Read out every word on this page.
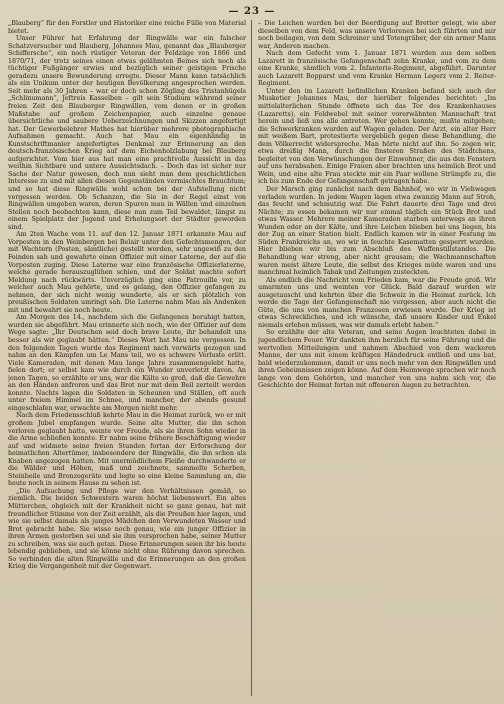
— 23 —

„Blauberg“ für den Forstler und Historiker eine reiche Fülle von Material bietet.

Unser Führer hat Erfahrung der Ringwälle war ein falscher Schatzversucher und Blauberg, Johannes Mau, genannt das „Blauberger Schiffersche“, ein noch rüstiger Veteran der Feldzüge von 1866 und 1870/71, der trotz seines einen etwas gelähmten Beines sich noch als tüchtiger Fußgänger erwies und bezüglich seiner geistigen Frische geradezu unsere Bewunderung erregte. Dieser Mann kann tatsächlich als ein Unikum unter der heutigen Bevölkerung angesprochen werden. Seit mehr als 30 Jahren – war er doch schon Zögling des Tristanhügels „Schlinumann“, Jeftreis Kasselben – gilt sein Studium während seiner freien Zeit den Blauberger Ringwällen, vom denen er in großen Maßstabe auf großem Zeichenpapier, auch einzelne genaue übersichtliche und saubere Ueberzeichnungen und Skizzen angefertigt hat. Der Gewerbelehrer Mathes hat hierüber mehrere photographische Aufnahmen gemacht. Auch hat Mau ein eigenhändig in Kunstschriftmanier angefertigtes Denkmal zur Erinnerung an den deutsch-französischen Krieg auf dem Eichenholzlabung bei Blauberg aufgerichtet. Vom hier aus hat man eine prachtvolle Aussicht in das weithin Sichtbare und untere Aussichtsdach. – Doch das ist sicher nur Sache der Natur gewesen, doch nun sieht man dem geschichtlichen Interesse zu und mit allen diesen Gegenständen vermischtes Brauchtum; und so hat diese Ringwälle wohl schon bei der Aufstellung nicht vergessen werden. Ob Schanzen, die Sie in der Regel einst von Ringwällen umgeben waren, deren Spuren man in Wällen und einzelnen Stellen noch beobachten kann, diese nun zum Teil bewaldet, längst zu einem Spielplatz der Jugend und Erholungsort der Städter geworden sind.

Am 2ten Wache vom 11. auf den 12. Januar 1871 erkannte Mau auf Vorposten in den Weinbergen bei Belair unter den Gefechtsmengen, der mit Wachtern (Posten, sämtliche) gestellt worden, sehr ungewiß zu den Feinden sah und gewahrte einen Offizier mit einer Laterne, der auf die Vorposten zuging. Diese Laterne war eine französische Offizierlaterne, welche gerade herauszuglühen schien, und der Soldat machte sofort Meldung nach rückwärts. Unverzüglich ging eine Patrouille vor, zu welcher auch Mau gehörte, und es gelang, den Offizier gefangen zu nehmen, der sich nicht wenig wunderte, als er sich plötzlich von preußischen Soldaten umringt sah. Die Laterne nahm Mau als Andenken mit und bewahrt sie noch heute.

Am Morgen des 14., nachdem sich die Gefangenen beruhigt hatten, wurden sie abgeführt. Mau erinnerte sich noch, wie der Offizier auf dem Wege sagte: „Ihr Deutschen seid doch brave Leute, ihr behandelt uns besser als wir geglaubt hätten.“ Dieses Wort hat Mau nie vergessen. In den folgenden Tagen wurde das Regiment nach vorwärts gezogen und nahm an den Kämpfen um Le Mans teil, wo es schwere Verluste erlitt. Viele Kameraden, mit denen Mau lange Jahre zusammengelebt hatte, fielen dort; er selbst kam wie durch ein Wunder unverletzt davon. An jenen Tagen, so erzählte er uns, war die Kälte so groß, daß die Gewehre an den Händen anfroren und das Brot nur mit dem Beil zerteilt werden konnte. Nachts lagen die Soldaten in Scheunen und Ställen, oft auch unter freiem Himmel im Schnee, und mancher, der abends gesund eingeschlafen war, erwachte am Morgen nicht mehr.

Nach dem Friedensschluß kehrte Mau in die Heimat zurück, wo er mit großem Jubel empfangen wurde. Seine alte Mutter, die ihn schon verloren geglaubt hatte, weinte vor Freude, als sie ihren Sohn wieder in die Arme schließen konnte. Er nahm seine frühere Beschäftigung wieder auf und widmete seine freien Stunden fortan der Erforschung der heimatlichen Altertümer, insbesondere der Ringwälle, die ihn schon als Knaben angezogen hatten. Mit unermüdlichem Fleiße durchwanderte er die Wälder und Höhen, maß und zeichnete, sammelte Scherben, Steinbeile und Bronzegeräte und legte so eine kleine Sammlung an, die heute noch in seinem Hause zu sehen ist.

„Die Aufsuchung und Pflege war den Verhältnissen gemäß, so ziemlich. Die beiden Schwestern waren höchst liebenswert. Ein altes Mütterchen, obgleich mit der Krankheit nicht so ganz genau, hat mit freundlicher Stimme von der Zeit erzählt, als die Preußen hier lagen, und wie sie selbst damals als junges Mädchen den Verwundeten Wasser und Brot gebracht habe. Sie wisse noch genau, wie ein junger Offizier in ihren Armen gestorben sei und sie ihm versprochen habe, seiner Mutter zu schreiben, was sie auch getan. Diese Erinnerungen seien ihr bis heute lebendig geblieben, und sie könne nicht ohne Rührung davon sprechen. So verbinden die alten Ringwälle und die Erinnerungen an den großen Krieg die Vergangenheit mit der Gegenwart.

– Die Leichen wurden bei der Beerdigung auf Bretter gelegt, wie aber dieselben von dem Feld, was unsere Verlorenen bei sich führten und mir noch beilagen, von dem Schreiner und Totengräber, der ein armer Mann war, Anderen machen.

Nach dem Gefecht vom 1. Januar 1871 wurden aus dem selben Lazarett in französische Gefangenschaft zehn Kranke, und vom zu dem eine Kranke, sämtlich vom 2. Infanterie-Regiment, abgeführt. Darunter auch Lazarett Bopparst und vom Kranke Herman Legerz vom 2. Reiter-Regiment.

Unter den im Lazarett befindlichen Kranken befand sich auch der Musketier Johannes Mau, der hierüber folgendes berichtet: „Im mittelalterlichen Stunde öffnete sich das Tor des Krankenhauses (Lazaretts), ein Feldwebel mit seiner vorerwähnten Mannschaft trat herein und ließ uns alle antreten. Wer gehen konnte, mußte mitgehen; die Schwerkranken wurden auf Wagen geladen. Der Arzt, ein alter Herr mit weißem Bart, protestierte vergeblich gegen diese Behandlung, die dem Völkerrecht widerspreche. Man hörte nicht auf ihn. So zogen wir, etwa dreißig Mann, durch die finsteren Straßen des Städtchens, begleitet von den Verwünschungen der Einwohner, die aus den Fenstern auf uns herabsahen. Einige Frauen aber brachten uns heimlich Brot und Wein, und eine alte Frau steckte mir ein Paar wollene Strümpfe zu, die ich bis zum Ende der Gefangenschaft getragen habe.

Der Marsch ging zunächst nach dem Bahnhof, wo wir in Viehwagen verladen wurden. In jedem Wagen lagen etwa zwanzig Mann auf Stroh, das feucht und schmutzig war. Die Fahrt dauerte drei Tage und drei Nächte; zu essen bekamen wir nur einmal täglich ein Stück Brot und etwas Wasser. Mehrere meiner Kameraden starben unterwegs an ihren Wunden oder an der Kälte, und ihre Leichen blieben bei uns liegen, bis der Zug an einer Station hielt. Endlich kamen wir in einer Festung im Süden Frankreichs an, wo wir in feuchte Kasematten gesperrt wurden. Hier blieben wir bis zum Abschluß des Waffenstillstandes. Die Behandlung war streng, aber nicht grausam; die Wachmannschaften waren meist ältere Leute, die selbst des Krieges müde waren und uns manchmal heimlich Tabak und Zeitungen zusteckten.

Als endlich die Nachricht vom Frieden kam, war die Freude groß. Wir umarmten uns und weinten vor Glück. Bald darauf wurden wir ausgetauscht und kehrten über die Schweiz in die Heimat zurück. Ich werde die Tage der Gefangenschaft nie vergessen, aber auch nicht die Güte, die uns von manchen Franzosen erwiesen wurde. Der Krieg ist etwas Schreckliches, und ich wünsche, daß unsere Kinder und Enkel niemals erleben müssen, was wir damals erlebt haben.“

So erzählte der alte Veteran, und seine Augen leuchteten dabei in jugendlichem Feuer. Wir dankten ihm herzlich für seine Führung und die wertvollen Mitteilungen und nahmen Abschied von dem wackeren Manne, der uns mit einem kräftigen Händedruck entließ und uns bat, bald wiederzukommen, damit er uns noch mehr von den Ringwällen und ihren Geheimnissen zeigen könne. Auf dem Heimwege sprachen wir noch lange von dem Gehörten, und mancher von uns nahm sich vor, die Geschichte der Heimat fortan mit offeneren Augen zu betrachten.
